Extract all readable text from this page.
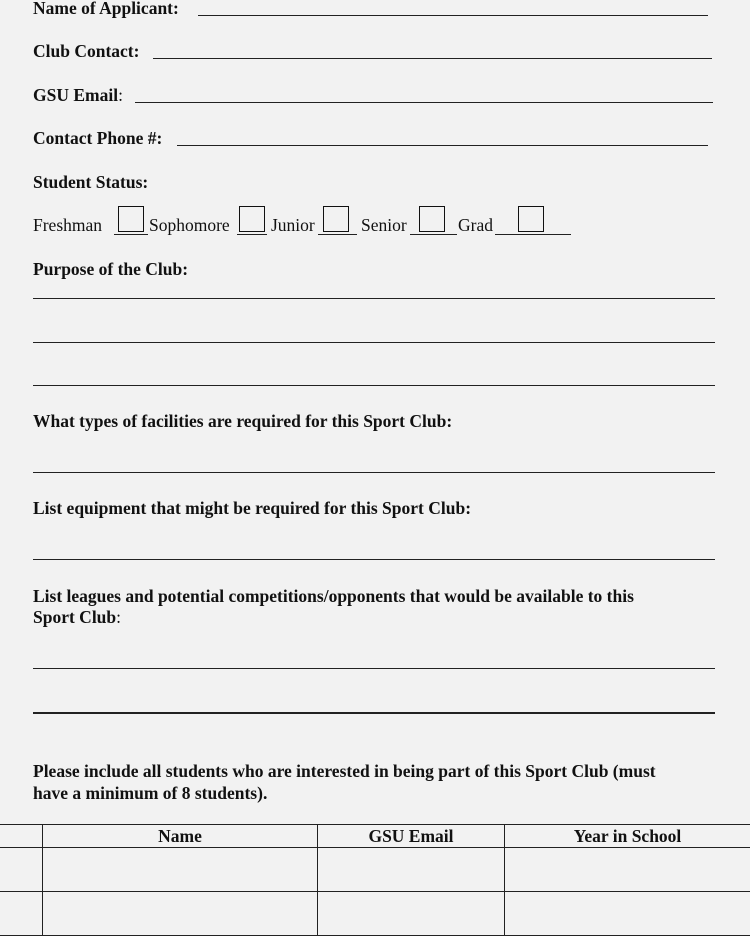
Name of Applicant:
Club Contact:
GSU Email:
Contact Phone #:
Student Status:
Freshman	Sophomore Junior	Senior	Grad
Purpose of the Club:
What types of facilities are required for this Sport Club:
List equipment that might be required for this Sport Club:
List leagues and potential competitions/opponents that would be available to this
Sport Club:
Please include all students who are interested in being part of this Sport Club (must
have a minimum of 8 students).
	Name	GSU Email	Year in School
